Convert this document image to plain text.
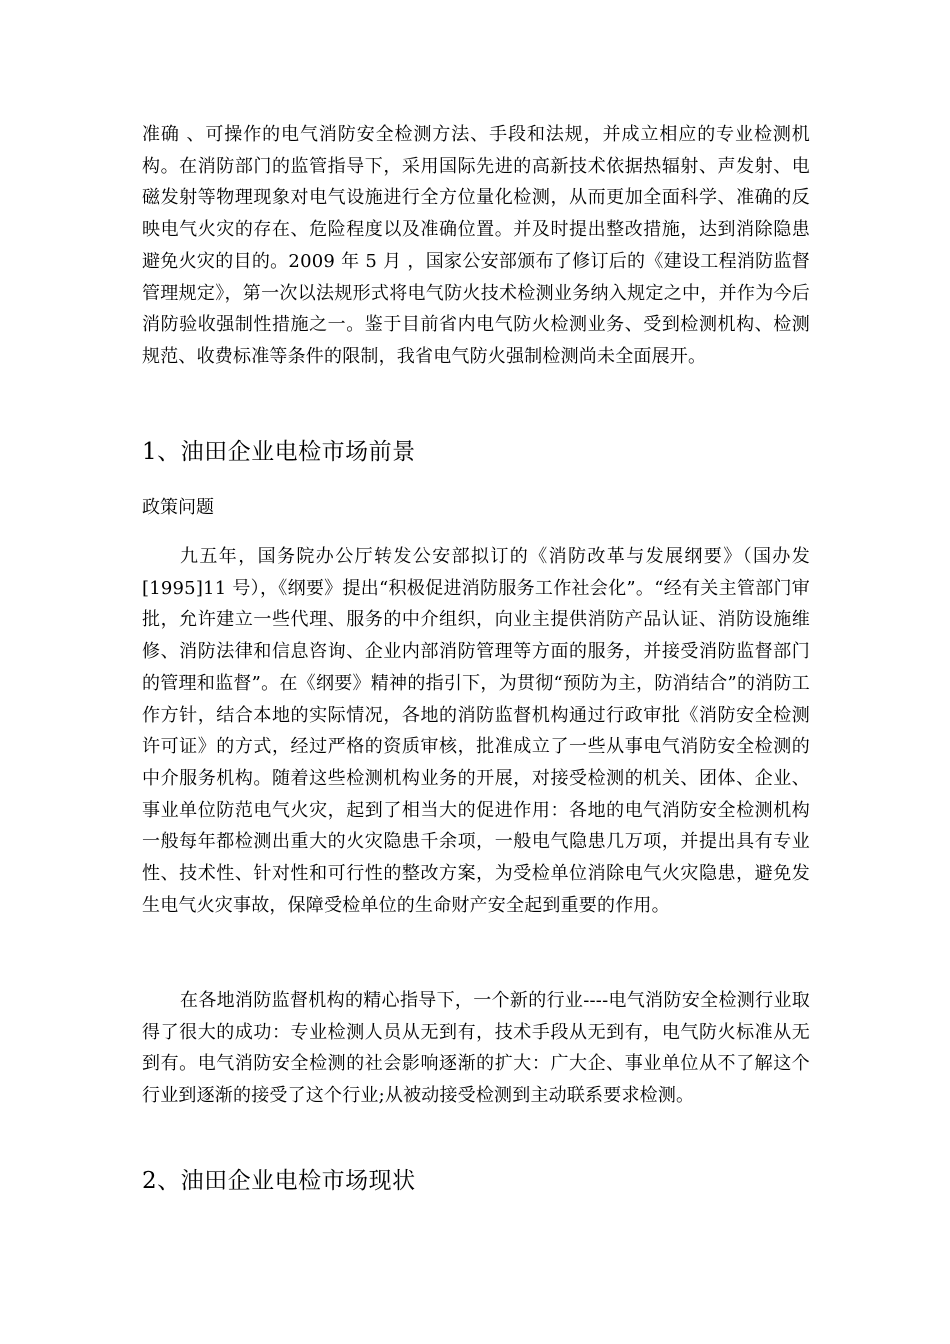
准确 、可操作的电气消防安全检测方法、手段和法规，并成立相应的专业检测机构。在消防部门的监管指导下，采用国际先进的高新技术依据热辐射、声发射、电磁发射等物理现象对电气设施进行全方位量化检测，从而更加全面科学、准确的反映电气火灾的存在、危险程度以及准确位置。并及时提出整改措施，达到消除隐患避免火灾的目的。2009 年 5 月 ，国家公安部颁布了修订后的《建设工程消防监督管理规定》，第一次以法规形式将电气防火技术检测业务纳入规定之中，并作为今后消防验收强制性措施之一。鉴于目前省内电气防火检测业务、受到检测机构、检测规范、收费标准等条件的限制，我省电气防火强制检测尚未全面展开。

1、油田企业电检市场前景

政策问题

九五年，国务院办公厅转发公安部拟订的《消防改革与发展纲要》（国办发[1995]11 号），《纲要》提出“积极促进消防服务工作社会化”。“经有关主管部门审批，允许建立一些代理、服务的中介组织，向业主提供消防产品认证、消防设施维修、消防法律和信息咨询、企业内部消防管理等方面的服务，并接受消防监督部门的管理和监督”。在《纲要》精神的指引下，为贯彻“预防为主，防消结合”的消防工作方针，结合本地的实际情况，各地的消防监督机构通过行政审批《消防安全检测许可证》的方式，经过严格的资质审核，批准成立了一些从事电气消防安全检测的中介服务机构。随着这些检测机构业务的开展，对接受检测的机关、团体、企业、事业单位防范电气火灾，起到了相当大的促进作用：各地的电气消防安全检测机构一般每年都检测出重大的火灾隐患千余项，一般电气隐患几万项，并提出具有专业性、技术性、针对性和可行性的整改方案，为受检单位消除电气火灾隐患，避免发生电气火灾事故，保障受检单位的生命财产安全起到重要的作用。

在各地消防监督机构的精心指导下，一个新的行业----电气消防安全检测行业取得了很大的成功：专业检测人员从无到有，技术手段从无到有，电气防火标准从无到有。电气消防安全检测的社会影响逐渐的扩大：广大企、事业单位从不了解这个行业到逐渐的接受了这个行业;从被动接受检测到主动联系要求检测。

2、油田企业电检市场现状
